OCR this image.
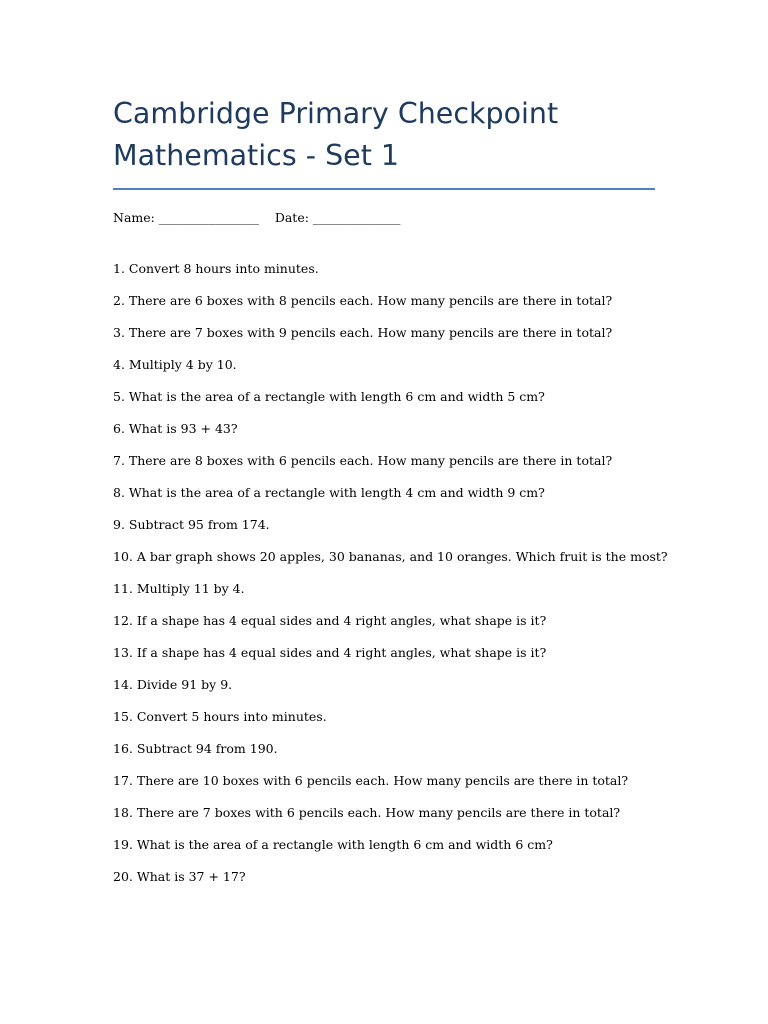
Cambridge Primary Checkpoint
Mathematics - Set 1
Name: ________________ Date: ______________
1. Convert 8 hours into minutes.
2. There are 6 boxes with 8 pencils each. How many pencils are there in total?
3. There are 7 boxes with 9 pencils each. How many pencils are there in total?
4. Multiply 4 by 10.
5. What is the area of a rectangle with length 6 cm and width 5 cm?
6. What is 93 + 43?
7. There are 8 boxes with 6 pencils each. How many pencils are there in total?
8. What is the area of a rectangle with length 4 cm and width 9 cm?
9. Subtract 95 from 174.
10. A bar graph shows 20 apples, 30 bananas, and 10 oranges. Which fruit is the most?
11. Multiply 11 by 4.
12. If a shape has 4 equal sides and 4 right angles, what shape is it?
13. If a shape has 4 equal sides and 4 right angles, what shape is it?
14. Divide 91 by 9.
15. Convert 5 hours into minutes.
16. Subtract 94 from 190.
17. There are 10 boxes with 6 pencils each. How many pencils are there in total?
18. There are 7 boxes with 6 pencils each. How many pencils are there in total?
19. What is the area of a rectangle with length 6 cm and width 6 cm?
20. What is 37 + 17?
